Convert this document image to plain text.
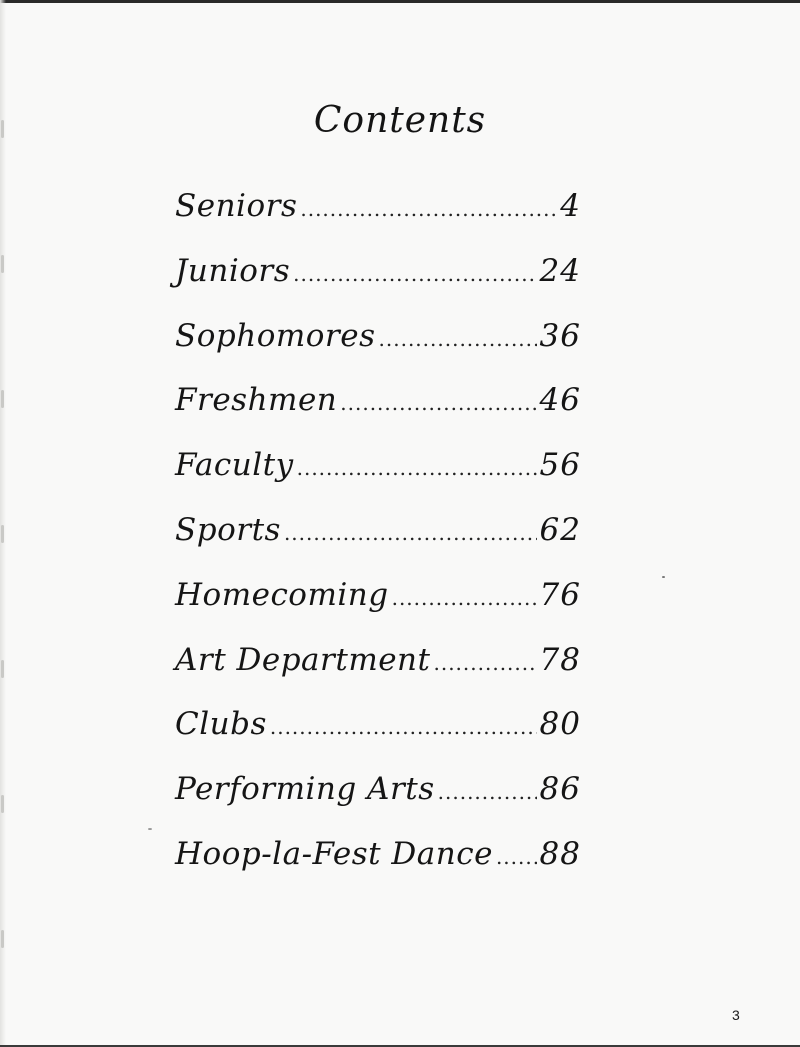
Contents
Seniors .....	4
Juniors .....	24
Sophomores .....	36
Freshmen .....	46
Faculty .....	56
Sports .....	62
Homecoming .....	76
Art Department .....	78
Clubs .....	80
Performing Arts .....	86
Hoop-la-Fest Dance ..... 88
3
